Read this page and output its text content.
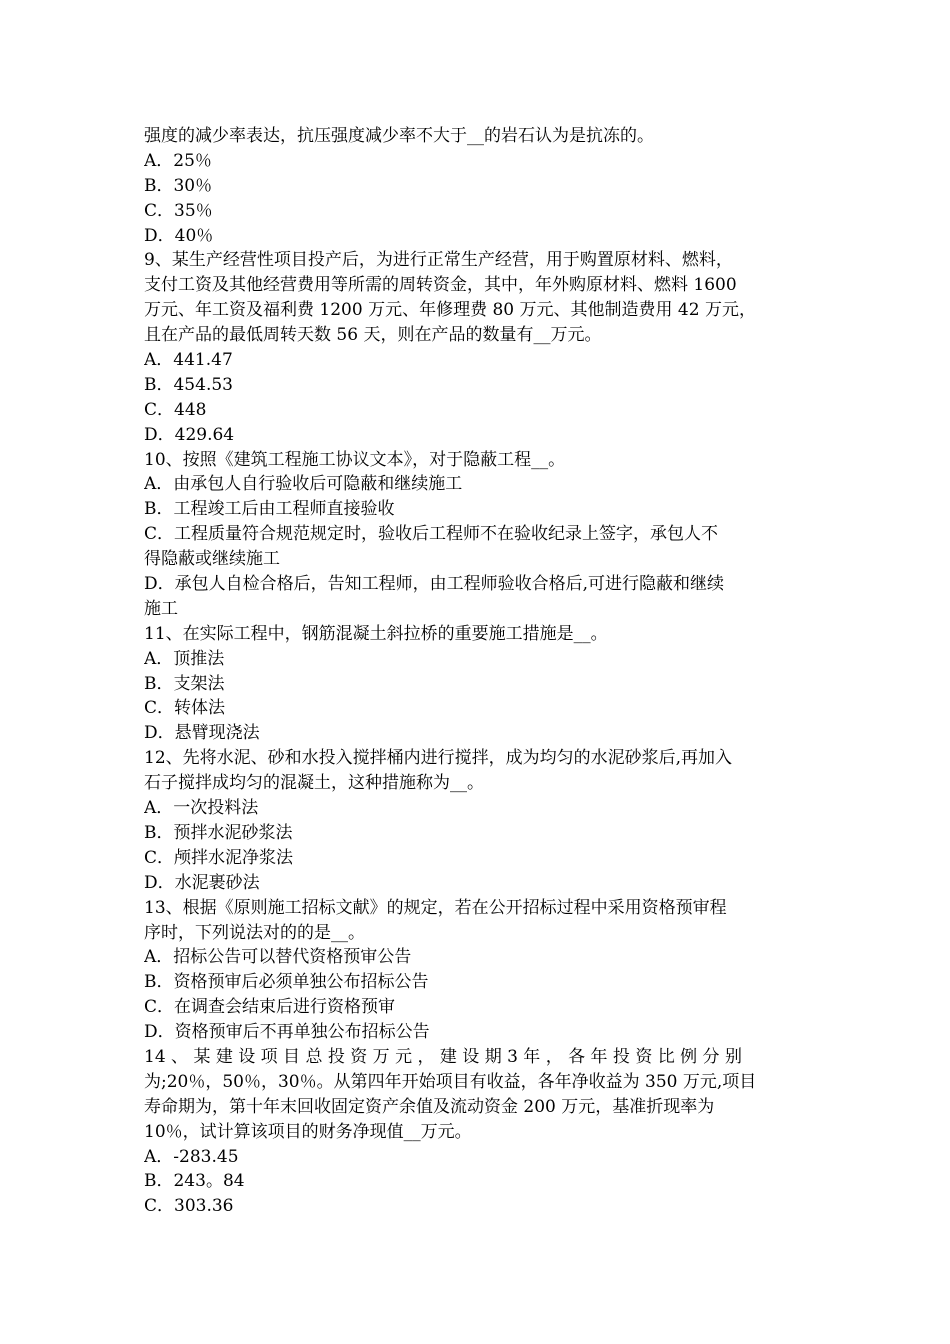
强度的减少率表达，抗压强度减少率不大于__的岩石认为是抗冻的。
A．25％
B．30％
C．35％
D．40％
9、某生产经营性项目投产后，为进行正常生产经营，用于购置原材料、燃料，
支付工资及其他经营费用等所需的周转资金，其中，年外购原材料、燃料 1600
万元、年工资及福利费 1200 万元、年修理费 80 万元、其他制造费用 42 万元，
且在产品的最低周转天数 56 天，则在产品的数量有__万元。
A．441.47
B．454.53
C．448
D．429.64
10、按照《建筑工程施工协议文本》，对于隐蔽工程__。
A．由承包人自行验收后可隐蔽和继续施工
B．工程竣工后由工程师直接验收
C．工程质量符合规范规定时，验收后工程师不在验收纪录上签字，承包人不
得隐蔽或继续施工
D．承包人自检合格后，告知工程师，由工程师验收合格后,可进行隐蔽和继续
施工
11、在实际工程中，钢筋混凝土斜拉桥的重要施工措施是__。
A．顶推法
B．支架法
C．转体法
D．悬臂现浇法
12、先将水泥、砂和水投入搅拌桶内进行搅拌，成为均匀的水泥砂浆后,再加入
石子搅拌成均匀的混凝土，这种措施称为__。
A．一次投料法
B．预拌水泥砂浆法
C．颅拌水泥净浆法
D．水泥裹砂法
13、根据《原则施工招标文献》的规定，若在公开招标过程中采用资格预审程
序时，下列说法对的的是__。
A．招标公告可以替代资格预审公告
B．资格预审后必须单独公布招标公告
C．在调查会结束后进行资格预审
D．资格预审后不再单独公布招标公告
14 、 某 建 设 项 目 总 投 资 万 元 ， 建 设 期 3 年 ， 各 年 投 资 比 例 分 别
为;20％，50％，30％。从第四年开始项目有收益，各年净收益为 350 万元,项目
寿命期为，第十年末回收固定资产余值及流动资金 200 万元，基准折现率为
10％，试计算该项目的财务净现值__万元。
A．-283.45
B．243。84
C．303.36
